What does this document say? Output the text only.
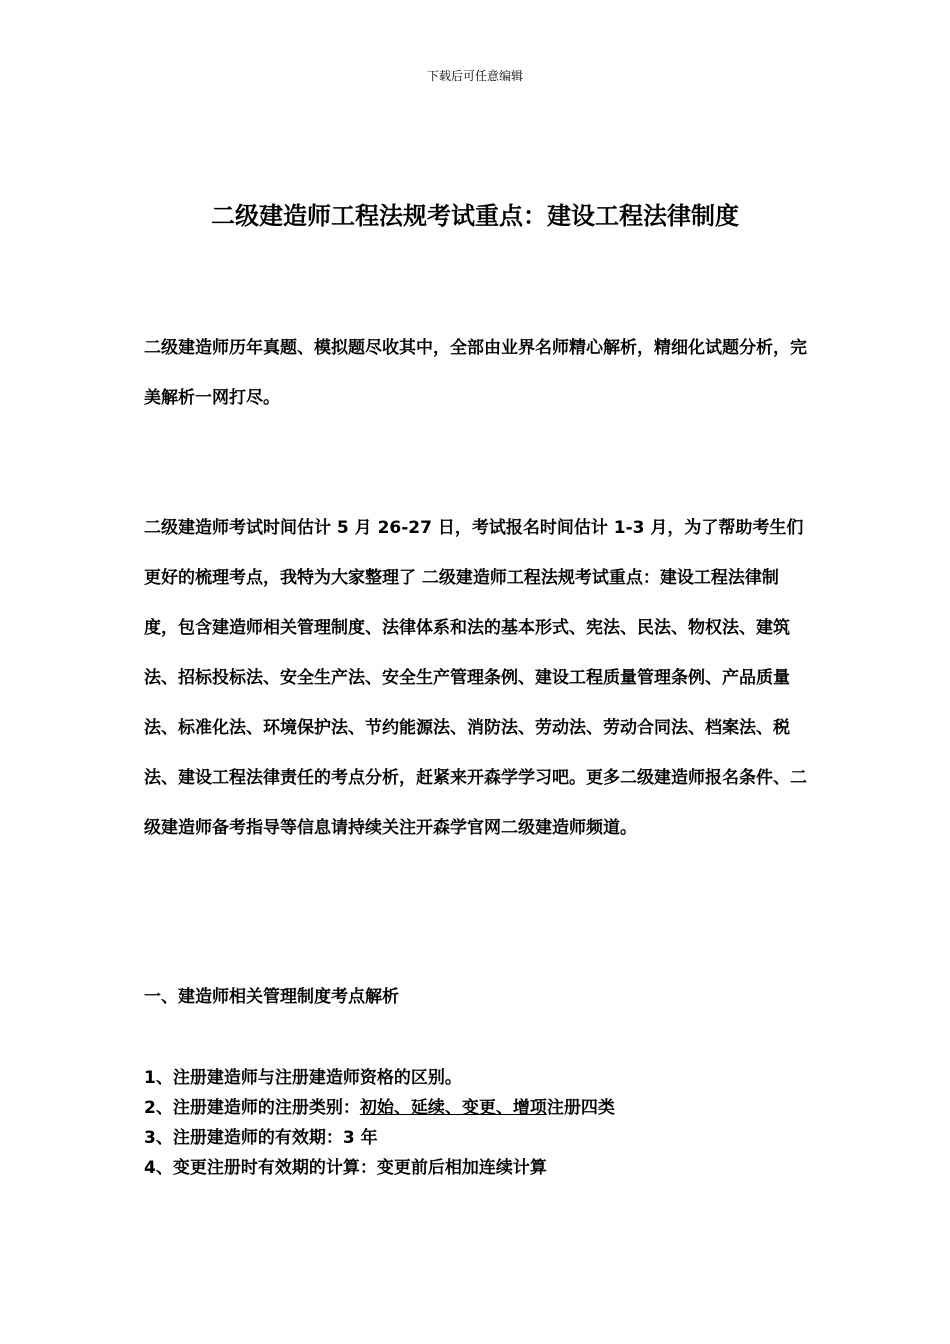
下载后可任意编辑
二级建造师工程法规考试重点：建设工程法律制度

二级建造师历年真题、模拟题尽收其中，全部由业界名师精心解析，精细化试题分析，完美解析一网打尽。

二级建造师考试时间估计 5 月 26-27 日，考试报名时间估计 1-3 月，为了帮助考生们更好的梳理考点，我特为大家整理了 二级建造师工程法规考试重点：建设工程法律制度，包含建造师相关管理制度、法律体系和法的基本形式、宪法、民法、物权法、建筑法、招标投标法、安全生产法、安全生产管理条例、建设工程质量管理条例、产品质量法、标准化法、环境保护法、节约能源法、消防法、劳动法、劳动合同法、档案法、税法、建设工程法律责任的考点分析，赶紧来开森学学习吧。更多二级建造师报名条件、二级建造师备考指导等信息请持续关注开森学官网二级建造师频道。

一、建造师相关管理制度考点解析
1、注册建造师与注册建造师资格的区别。
2、注册建造师的注册类别：初始、延续、变更、增项注册四类
3、注册建造师的有效期：3 年
4、变更注册时有效期的计算：变更前后相加连续计算
